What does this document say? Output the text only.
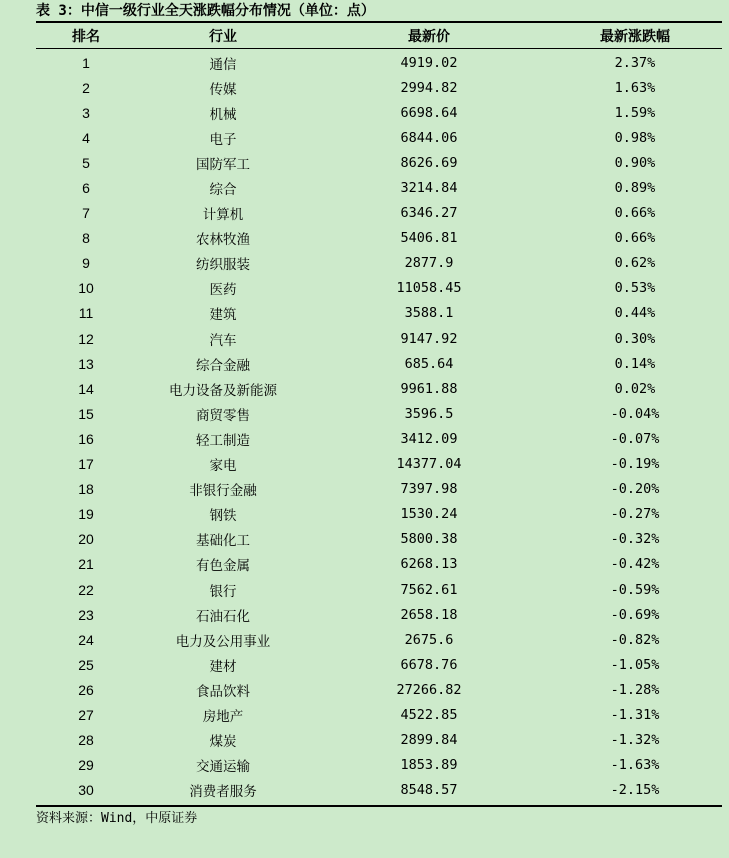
表 3：中信一级行业全天涨跌幅分布情况（单位：点）
排名	行业	最新价	最新涨跌幅
1	通信	4919.02	2.37%
2	传媒	2994.82	1.63%
3	机械	6698.64	1.59%
4	电子	6844.06	0.98%
5	国防军工	8626.69	0.90%
6	综合	3214.84	0.89%
7	计算机	6346.27	0.66%
8	农林牧渔	5406.81	0.66%
9	纺织服装	2877.9	0.62%
10	医药	11058.45	0.53%
11	建筑	3588.1	0.44%
12	汽车	9147.92	0.30%
13	综合金融	685.64	0.14%
14	电力设备及新能源	9961.88	0.02%
15	商贸零售	3596.5	-0.04%
16	轻工制造	3412.09	-0.07%
17	家电	14377.04	-0.19%
18	非银行金融	7397.98	-0.20%
19	钢铁	1530.24	-0.27%
20	基础化工	5800.38	-0.32%
21	有色金属	6268.13	-0.42%
22	银行	7562.61	-0.59%
23	石油石化	2658.18	-0.69%
24	电力及公用事业	2675.6	-0.82%
25	建材	6678.76	-1.05%
26	食品饮料	27266.82	-1.28%
27	房地产	4522.85	-1.31%
28	煤炭	2899.84	-1.32%
29	交通运输	1853.89	-1.63%
30	消费者服务	8548.57	-2.15%
资料来源：Wind，中原证券
